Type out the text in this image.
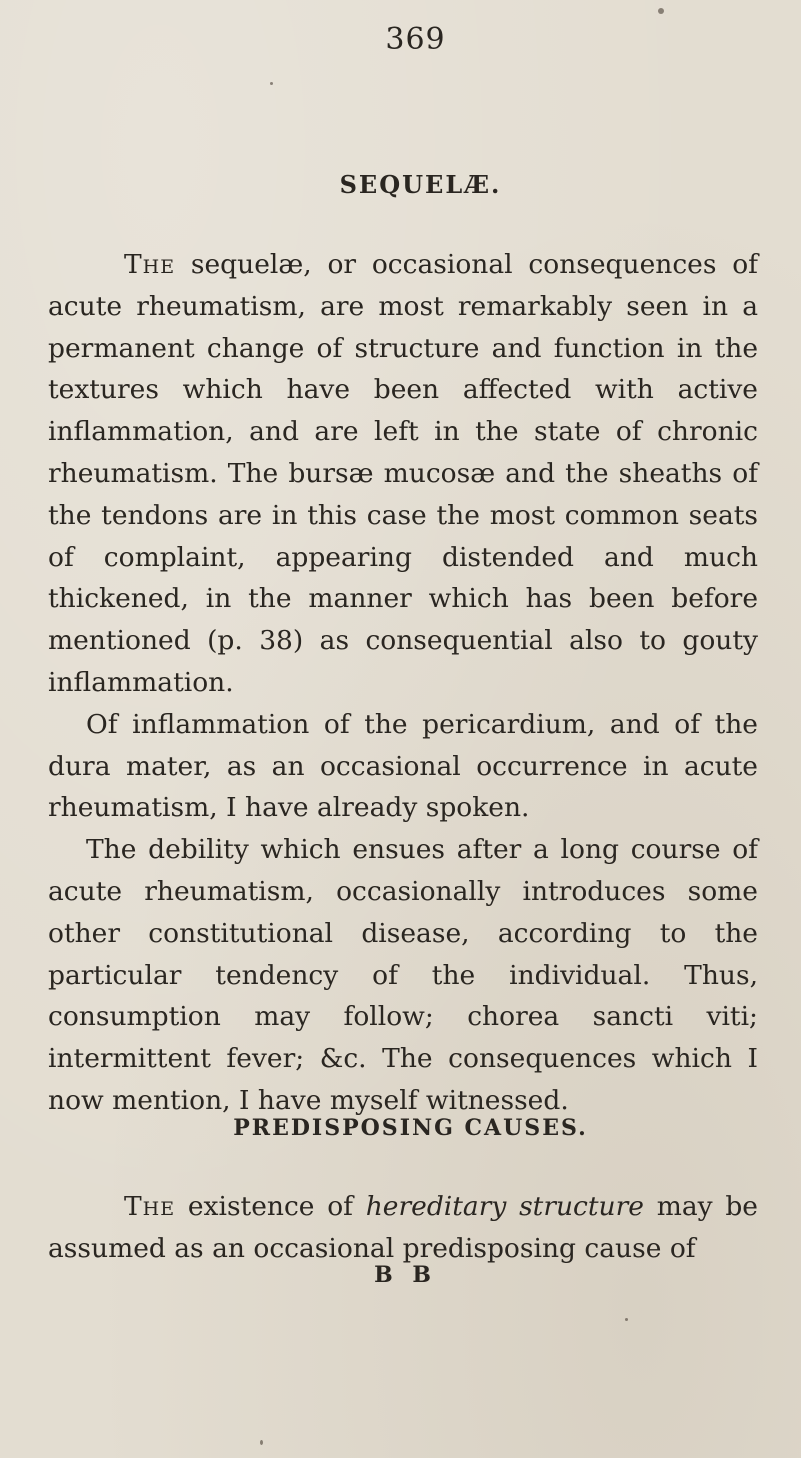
369
SEQUELÆ.

The sequelæ, or occasional consequences of acute rheumatism, are most remarkably seen in a permanent change of structure and function in the textures which have been affected with active inflammation, and are left in the state of chronic rheumatism. The bursæ mucosæ and the sheaths of the tendons are in this case the most common seats of complaint, appearing distended and much thickened, in the manner which has been before mentioned (p. 38) as consequential also to gouty inflammation.

Of inflammation of the pericardium, and of the dura mater, as an occasional occurrence in acute rheumatism, I have already spoken.

The debility which ensues after a long course of acute rheumatism, occasionally introduces some other constitutional disease, according to the particular tendency of the individual. Thus, consumption may follow; chorea sancti viti; intermittent fever; &c. The consequences which I now mention, I have myself witnessed.

PREDISPOSING CAUSES.

The existence of hereditary structure may be assumed as an occasional predisposing cause of

B B
